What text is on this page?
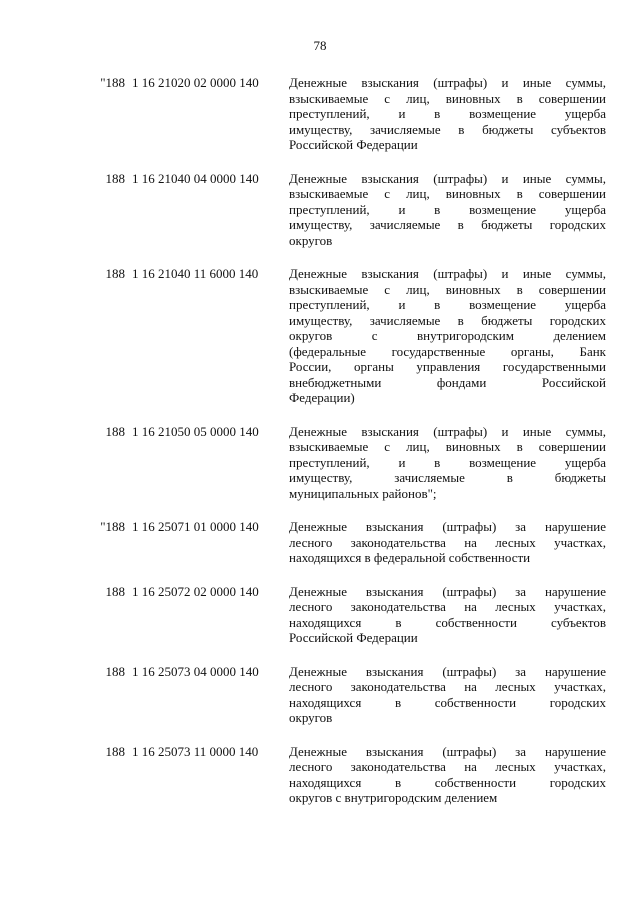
78
"188 1 16 21020 02 0000 140	Денежные взыскания (штрафы) и иные суммы,
взыскиваемые с лиц, виновных в совершении
преступлений, и в возмещение ущерба
имуществу, зачисляемые в бюджеты субъектов
Российской Федерации
188 1 16 21040 04 0000 140	Денежные взыскания (штрафы) и иные суммы,
взыскиваемые с лиц, виновных в совершении
преступлений, и в возмещение ущерба
имуществу, зачисляемые в бюджеты городских
округов
188 1 16 21040 11 6000 140	Денежные взыскания (штрафы) и иные суммы,
взыскиваемые с лиц, виновных в совершении
преступлений, и в возмещение ущерба
имуществу, зачисляемые в бюджеты городских
округов с внутригородским делением
(федеральные государственные органы, Банк
России, органы управления государственными
внебюджетными фондами Российской
Федерации)
188 1 16 21050 05 0000 140	Денежные взыскания (штрафы) и иные суммы,
взыскиваемые с лиц, виновных в совершении
преступлений, и в возмещение ущерба
имуществу, зачисляемые в бюджеты
муниципальных районов";
"188 1 16 25071 01 0000 140	Денежные взыскания (штрафы) за нарушение
лесного законодательства на лесных участках,
находящихся в федеральной собственности
188 1 16 25072 02 0000 140	Денежные взыскания (штрафы) за нарушение
лесного законодательства на лесных участках,
находящихся в собственности субъектов
Российской Федерации
188 1 16 25073 04 0000 140	Денежные взыскания (штрафы) за нарушение
лесного законодательства на лесных участках,
находящихся в собственности городских
округов
188 1 16 25073 11 0000 140	Денежные взыскания (штрафы) за нарушение
лесного законодательства на лесных участках,
находящихся в собственности городских
округов с внутригородским делением
